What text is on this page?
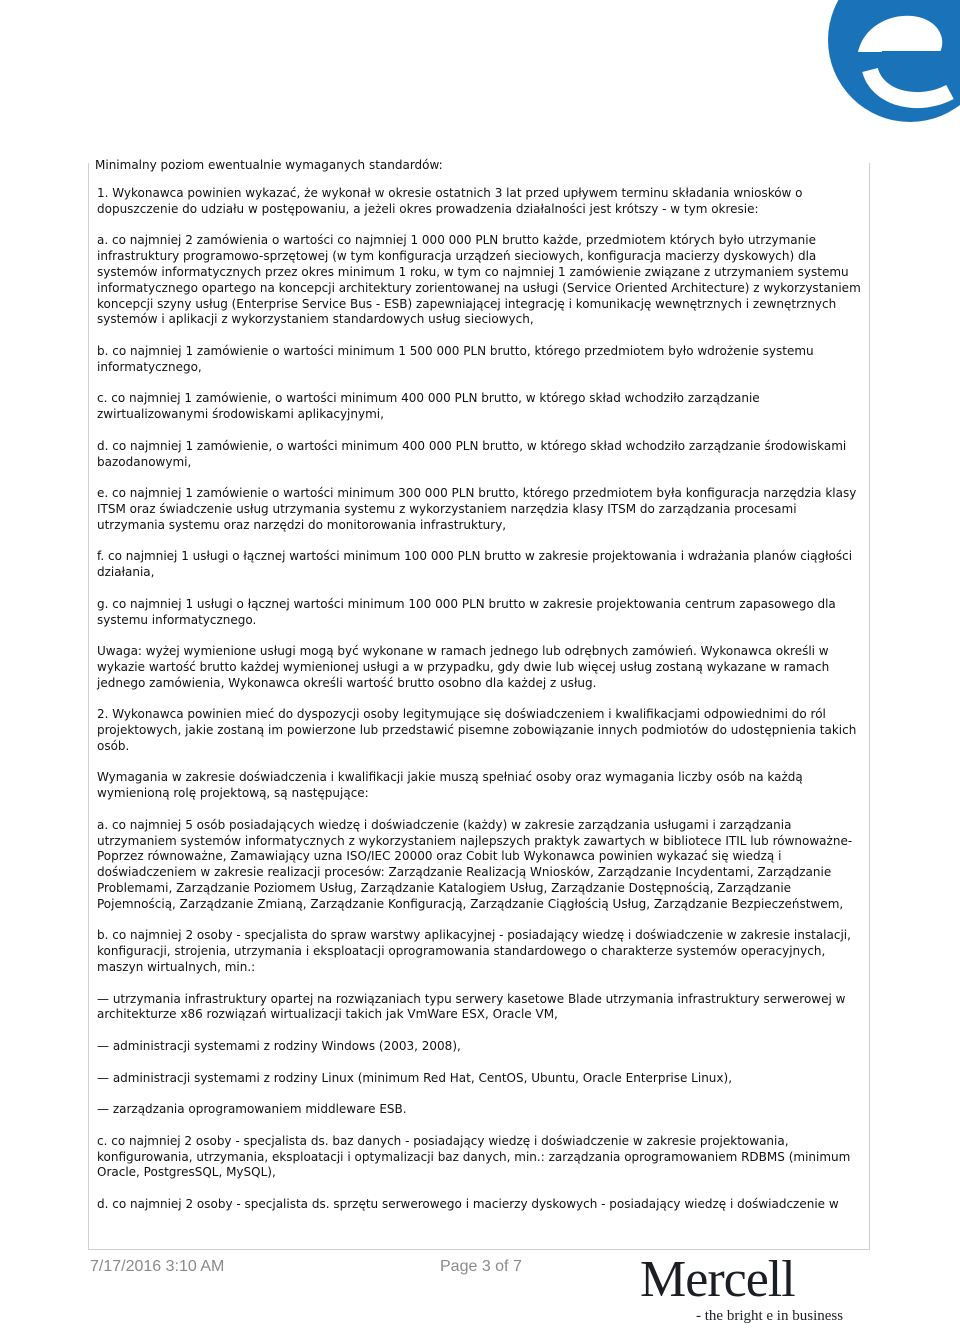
Minimalny poziom ewentualnie wymaganych standardów:

1. Wykonawca powinien wykazać, że wykonał w okresie ostatnich 3 lat przed upływem terminu składania wniosków o dopuszczenie do udziału w postępowaniu, a jeżeli okres prowadzenia działalności jest krótszy - w tym okresie:

a. co najmniej 2 zamówienia o wartości co najmniej 1 000 000 PLN brutto każde, przedmiotem których było utrzymanie infrastruktury programowo-sprzętowej (w tym konfiguracja urządzeń sieciowych, konfiguracja macierzy dyskowych) dla systemów informatycznych przez okres minimum 1 roku, w tym co najmniej 1 zamówienie związane z utrzymaniem systemu informatycznego opartego na koncepcji architektury zorientowanej na usługi (Service Oriented Architecture) z wykorzystaniem koncepcji szyny usług (Enterprise Service Bus - ESB) zapewniającej integrację i komunikację wewnętrznych i zewnętrznych systemów i aplikacji z wykorzystaniem standardowych usług sieciowych,

b. co najmniej 1 zamówienie o wartości minimum 1 500 000 PLN brutto, którego przedmiotem było wdrożenie systemu informatycznego,

c. co najmniej 1 zamówienie, o wartości minimum 400 000 PLN brutto, w którego skład wchodziło zarządzanie zwirtualizowanymi środowiskami aplikacyjnymi,

d. co najmniej 1 zamówienie, o wartości minimum 400 000 PLN brutto, w którego skład wchodziło zarządzanie środowiskami bazodanowymi,

e. co najmniej 1 zamówienie o wartości minimum 300 000 PLN brutto, którego przedmiotem była konfiguracja narzędzia klasy ITSM oraz świadczenie usług utrzymania systemu z wykorzystaniem narzędzia klasy ITSM do zarządzania procesami utrzymania systemu oraz narzędzi do monitorowania infrastruktury,

f. co najmniej 1 usługi o łącznej wartości minimum 100 000 PLN brutto w zakresie projektowania i wdrażania planów ciągłości działania,

g. co najmniej 1 usługi o łącznej wartości minimum 100 000 PLN brutto w zakresie projektowania centrum zapasowego dla systemu informatycznego.

Uwaga: wyżej wymienione usługi mogą być wykonane w ramach jednego lub odrębnych zamówień. Wykonawca określi w wykazie wartość brutto każdej wymienionej usługi a w przypadku, gdy dwie lub więcej usług zostaną wykazane w ramach jednego zamówienia, Wykonawca określi wartość brutto osobno dla każdej z usług.

2. Wykonawca powinien mieć do dyspozycji osoby legitymujące się doświadczeniem i kwalifikacjami odpowiednimi do ról projektowych, jakie zostaną im powierzone lub przedstawić pisemne zobowiązanie innych podmiotów do udostępnienia takich osób.

Wymagania w zakresie doświadczenia i kwalifikacji jakie muszą spełniać osoby oraz wymagania liczby osób na każdą wymienioną rolę projektową, są następujące:

a. co najmniej 5 osób posiadających wiedzę i doświadczenie (każdy) w zakresie zarządzania usługami i zarządzania utrzymaniem systemów informatycznych z wykorzystaniem najlepszych praktyk zawartych w bibliotece ITIL lub równoważne- Poprzez równoważne, Zamawiający uzna ISO/IEC 20000 oraz Cobit lub Wykonawca powinien wykazać się wiedzą i doświadczeniem w zakresie realizacji procesów: Zarządzanie Realizacją Wniosków, Zarządzanie Incydentami, Zarządzanie Problemami, Zarządzanie Poziomem Usług, Zarządzanie Katalogiem Usług, Zarządzanie Dostępnością, Zarządzanie Pojemnością, Zarządzanie Zmianą, Zarządzanie Konfiguracją, Zarządzanie Ciągłością Usług, Zarządzanie Bezpieczeństwem,

b. co najmniej 2 osoby - specjalista do spraw warstwy aplikacyjnej - posiadający wiedzę i doświadczenie w zakresie instalacji, konfiguracji, strojenia, utrzymania i eksploatacji oprogramowania standardowego o charakterze systemów operacyjnych, maszyn wirtualnych, min.:

— utrzymania infrastruktury opartej na rozwiązaniach typu serwery kasetowe Blade utrzymania infrastruktury serwerowej w architekturze x86 rozwiązań wirtualizacji takich jak VmWare ESX, Oracle VM,

— administracji systemami z rodziny Windows (2003, 2008),

— administracji systemami z rodziny Linux (minimum Red Hat, CentOS, Ubuntu, Oracle Enterprise Linux),

— zarządzania oprogramowaniem middleware ESB.

c. co najmniej 2 osoby - specjalista ds. baz danych - posiadający wiedzę i doświadczenie w zakresie projektowania, konfigurowania, utrzymania, eksploatacji i optymalizacji baz danych, min.: zarządzania oprogramowaniem RDBMS (minimum Oracle, PostgresSQL, MySQL),

d. co najmniej 2 osoby - specjalista ds. sprzętu serwerowego i macierzy dyskowych - posiadający wiedzę i doświadczenie w

7/17/2016 3:10 AM	Page 3 of 7 Mercell
- the bright e in business
